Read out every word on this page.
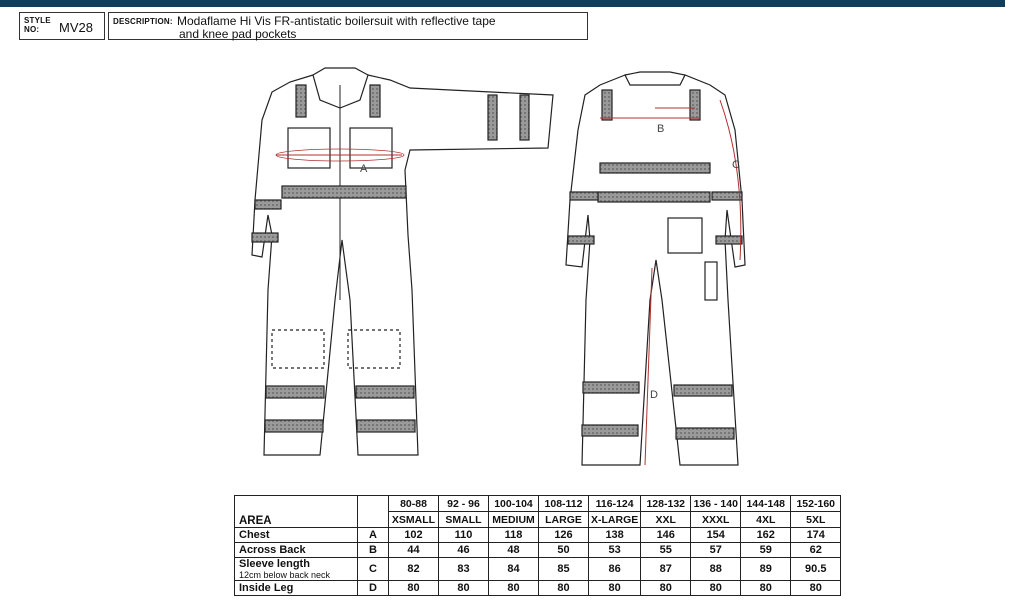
STYLE
NO:	MV28	DESCRIPTION: Modaflame Hi Vis FR-antistatic boilersuit with reflective tape
and knee pad pockets
A
B
C
D
AREA		80-88	92 - 96	100-104	108-112	116-124	128-132	136 - 140	144-148	152-160
		XSMALL	SMALL	MEDIUM	LARGE	X-LARGE	XXL	XXXL	4XL	5XL
Chest	A	102	110	118	126	138	146	154	162	174
Across Back	B	44	46	48	50	53	55	57	59	62
Sleeve length
12cm below back neck	C	82	83	84	85	86	87	88	89	90.5
Inside Leg	D	80	80	80	80	80	80	80	80	80
